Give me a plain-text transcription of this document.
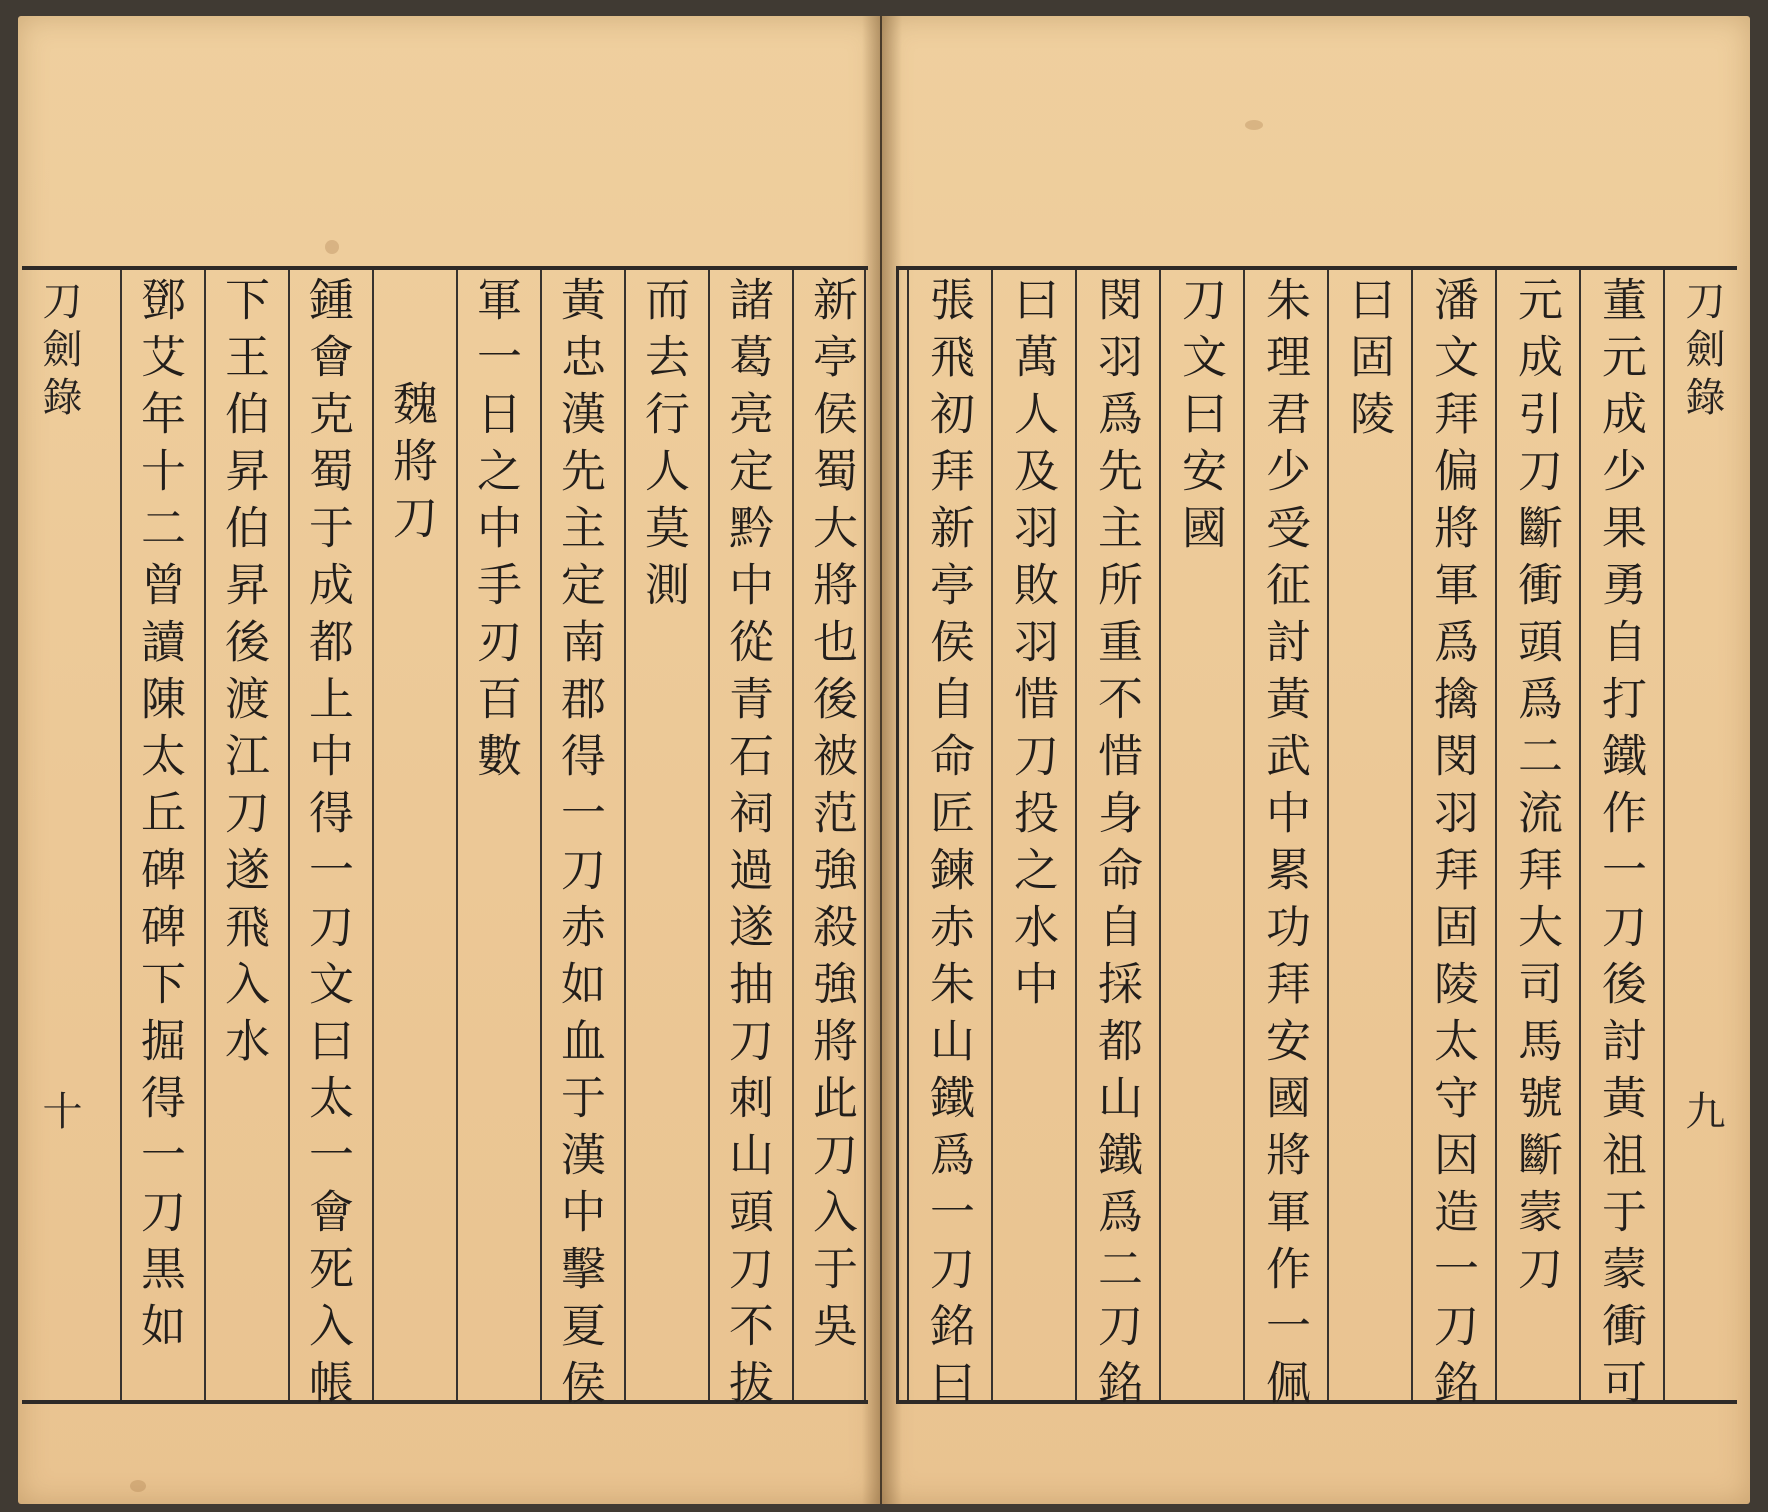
刀劍錄
十 鄧艾年十二曾讀陳太丘碑碑下掘得一刀黒如 下王伯昇伯昇後渡江刀遂飛入水 鍾會克蜀于成都上中得一刀文曰太一會死入帳 魏將刀 軍一日之中手刃百數 黃忠漢先主定南郡得一刀赤如血于漢中擊夏侯 而去行人莫測 諸葛亮定黔中從青石祠過遂抽刀刺山頭刀不拔 新亭侯蜀大將也後被范強殺強將此刀入于吳 張飛初拜新亭侯自命匠鍊赤朱山鐵爲一刀銘曰 曰萬人及羽敗羽惜刀投之水中 閔羽爲先主所重不惜身命自採都山鐵爲二刀銘 刀文曰安國 朱理君少受征討黃武中累功拜安國將軍作一佩 曰固陵 潘文拜偏將軍爲擒閔羽拜固陵太守因造一刀銘 元成引刀斷衝頭爲二流拜大司馬號斷蒙刀 董元成少果勇自打鐵作一刀後討黃祖于蒙衝可 刀劍錄
九
